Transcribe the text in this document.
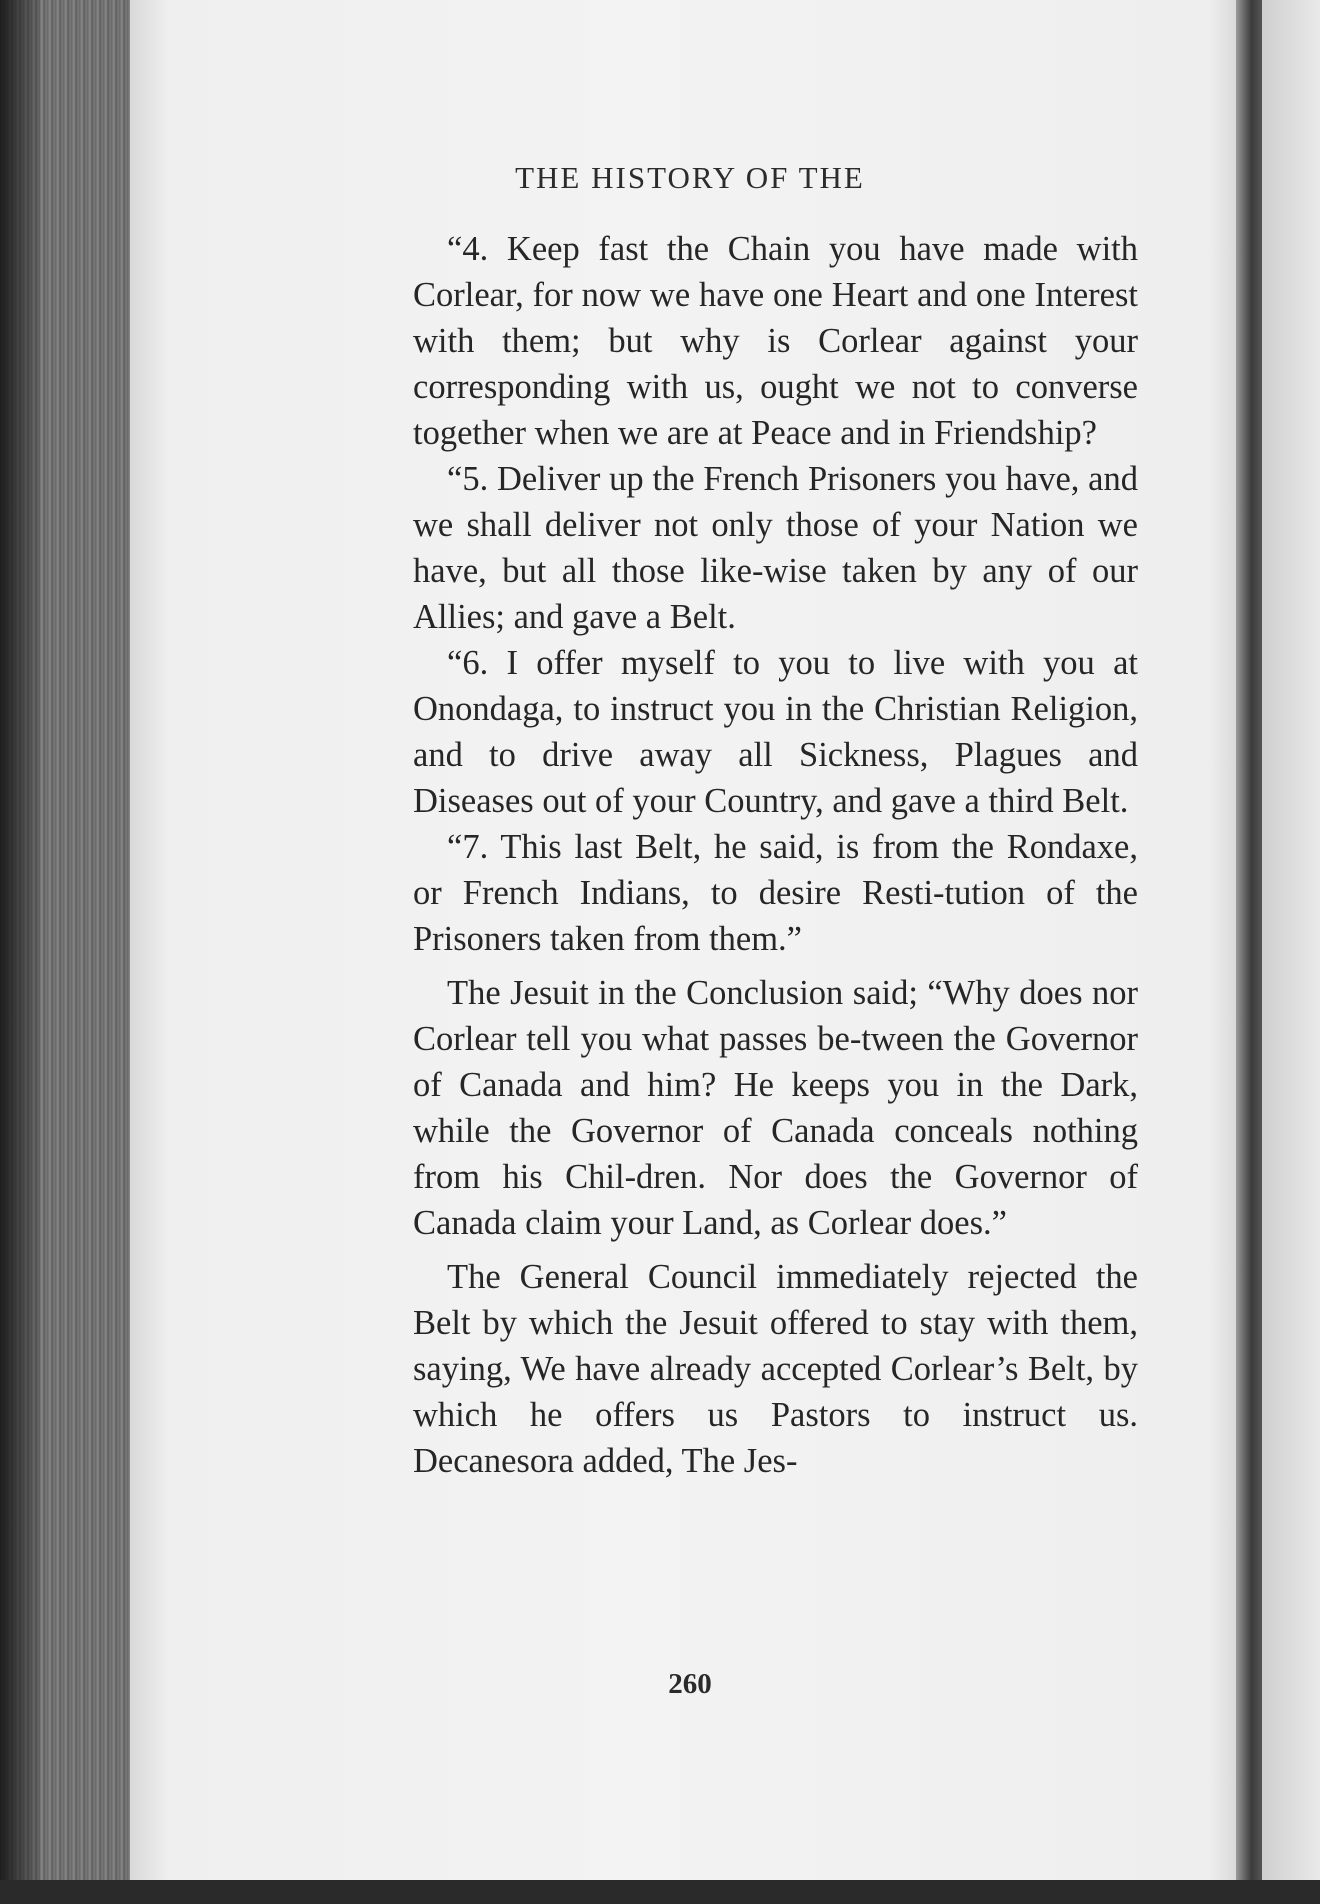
THE HISTORY OF THE

“4. Keep fast the Chain you have made with Corlear, for now we have one Heart and one Interest with them; but why is Corlear against your corresponding with us, ought we not to converse together when we are at Peace and in Friendship?

“5. Deliver up the French Prisoners you have, and we shall deliver not only those of your Nation we have, but all those like-wise taken by any of our Allies; and gave a Belt.

“6. I offer myself to you to live with you at Onondaga, to instruct you in the Christian Religion, and to drive away all Sickness, Plagues and Diseases out of your Country, and gave a third Belt.

“7. This last Belt, he said, is from the Rondaxe, or French Indians, to desire Resti-tution of the Prisoners taken from them.”

The Jesuit in the Conclusion said; “Why does nor Corlear tell you what passes be-tween the Governor of Canada and him? He keeps you in the Dark, while the Governor of Canada conceals nothing from his Chil-dren. Nor does the Governor of Canada claim your Land, as Corlear does.”

The General Council immediately rejected the Belt by which the Jesuit offered to stay with them, saying, We have already accepted Corlear’s Belt, by which he offers us Pastors to instruct us. Decanesora added, The Jes-

260
